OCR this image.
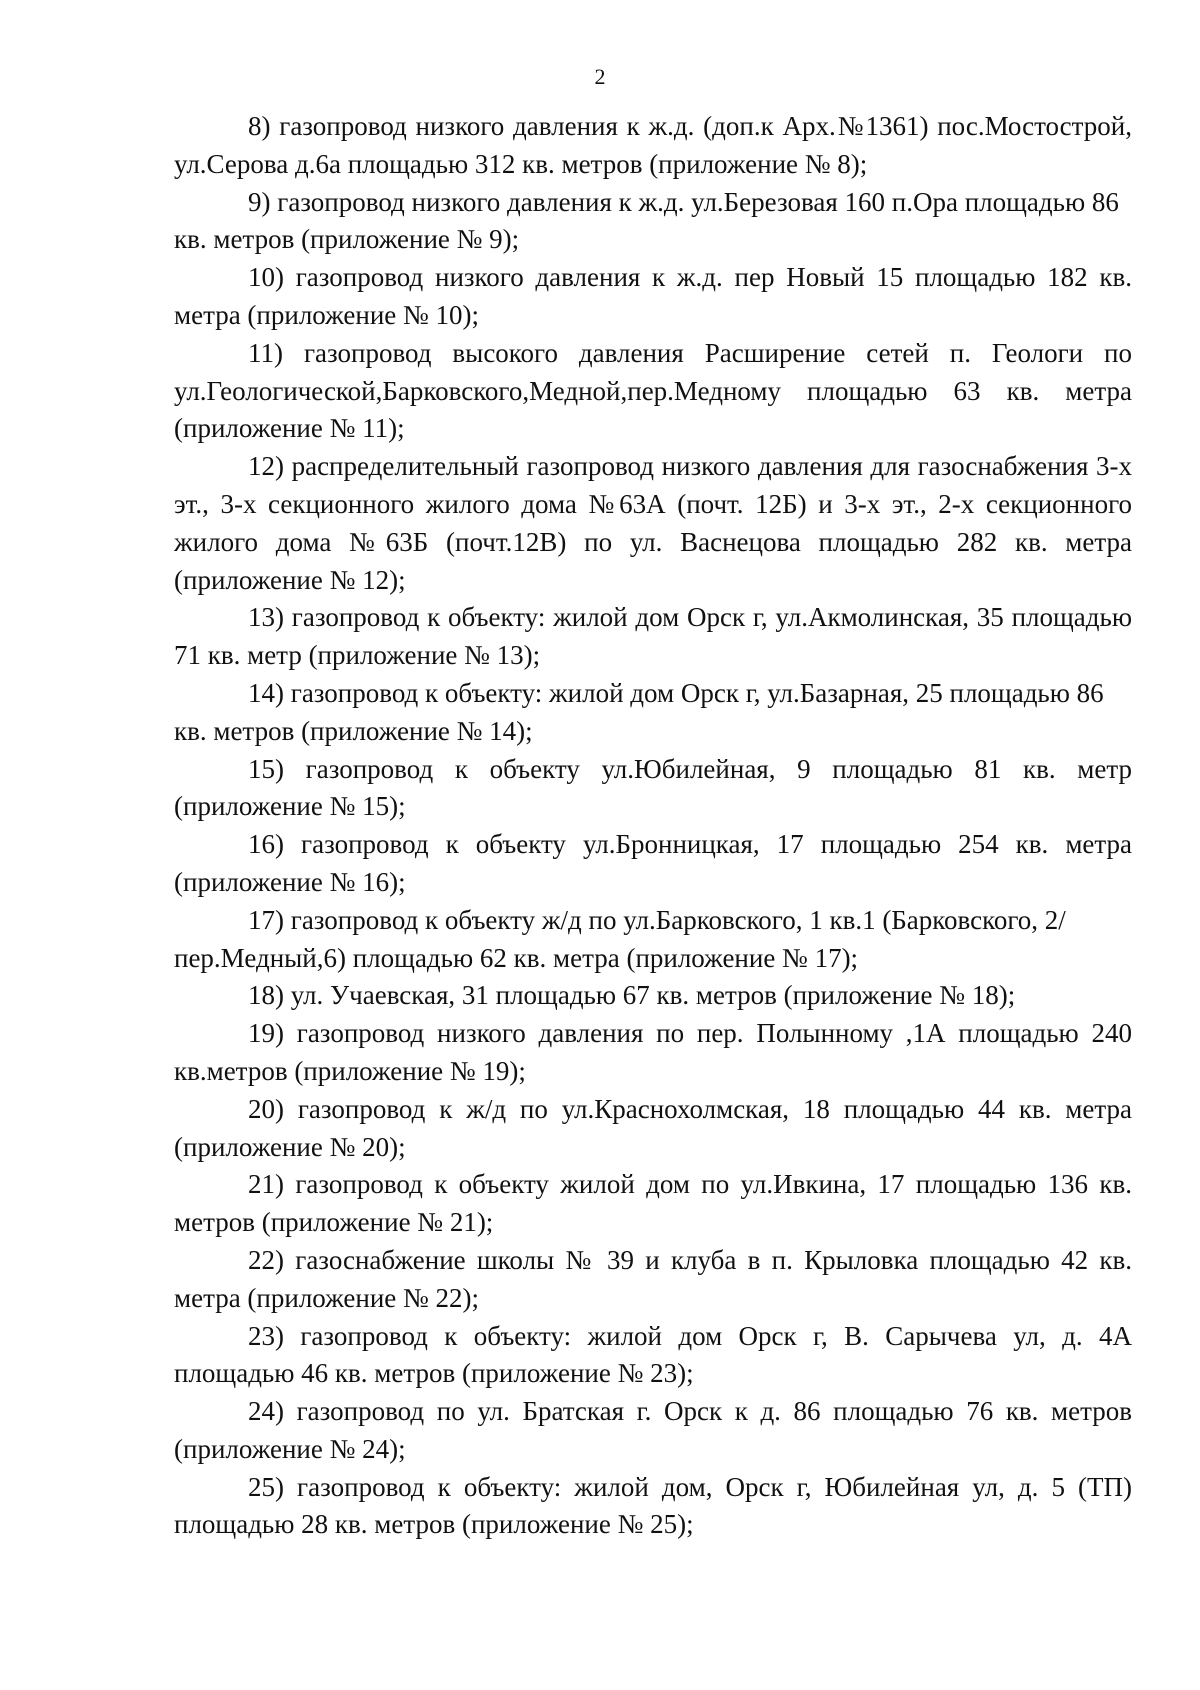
2

8) газопровод низкого давления к ж.д. (доп.к Арх.№1361) пос.Мостострой, ул.Серова д.6а площадью 312 кв. метров (приложение № 8);

9) газопровод низкого давления к ж.д. ул.Березовая 160 п.Ора площадью 86 кв. метров (приложение № 9);

10) газопровод низкого давления к ж.д. пер Новый 15 площадью 182 кв. метра (приложение № 10);

11) газопровод высокого давления Расширение сетей п. Геологи по ул.Геологической,Барковского,Медной,пер.Медному площадью 63 кв. метра (приложение № 11);

12) распределительный газопровод низкого давления для газоснабжения 3-х эт., 3-х секционного жилого дома №63А (почт. 12Б) и 3-х эт., 2-х секционного жилого дома №63Б (почт.12В) по ул. Васнецова площадью 282 кв. метра (приложение № 12);

13) газопровод к объекту: жилой дом Орск г, ул.Акмолинская, 35 площадью 71 кв. метр (приложение № 13);

14) газопровод к объекту: жилой дом Орск г, ул.Базарная, 25 площадью 86 кв. метров (приложение № 14);

15) газопровод к объекту ул.Юбилейная, 9 площадью 81 кв. метр (приложение № 15);

16) газопровод к объекту ул.Бронницкая, 17 площадью 254 кв. метра (приложение № 16);

17) газопровод к объекту ж/д по ул.Барковского, 1 кв.1 (Барковского, 2/пер.Медный,6) площадью 62 кв. метра (приложение № 17);

18) ул. Учаевская, 31 площадью 67 кв. метров (приложение № 18);

19) газопровод низкого давления по пер. Полынному ,1А площадью 240 кв.метров (приложение № 19);

20) газопровод к ж/д по ул.Краснохолмская, 18 площадью 44 кв. метра (приложение № 20);

21) газопровод к объекту жилой дом по ул.Ивкина, 17 площадью 136 кв. метров (приложение № 21);

22) газоснабжение школы № 39 и клуба в п. Крыловка площадью 42 кв. метра (приложение № 22);

23) газопровод к объекту: жилой дом Орск г, В. Сарычева ул, д. 4А площадью 46 кв. метров (приложение № 23);

24) газопровод по ул. Братская г. Орск к д. 86 площадью 76 кв. метров (приложение № 24);

25) газопровод к объекту: жилой дом, Орск г, Юбилейная ул, д. 5 (ТП) площадью 28 кв. метров (приложение № 25);
